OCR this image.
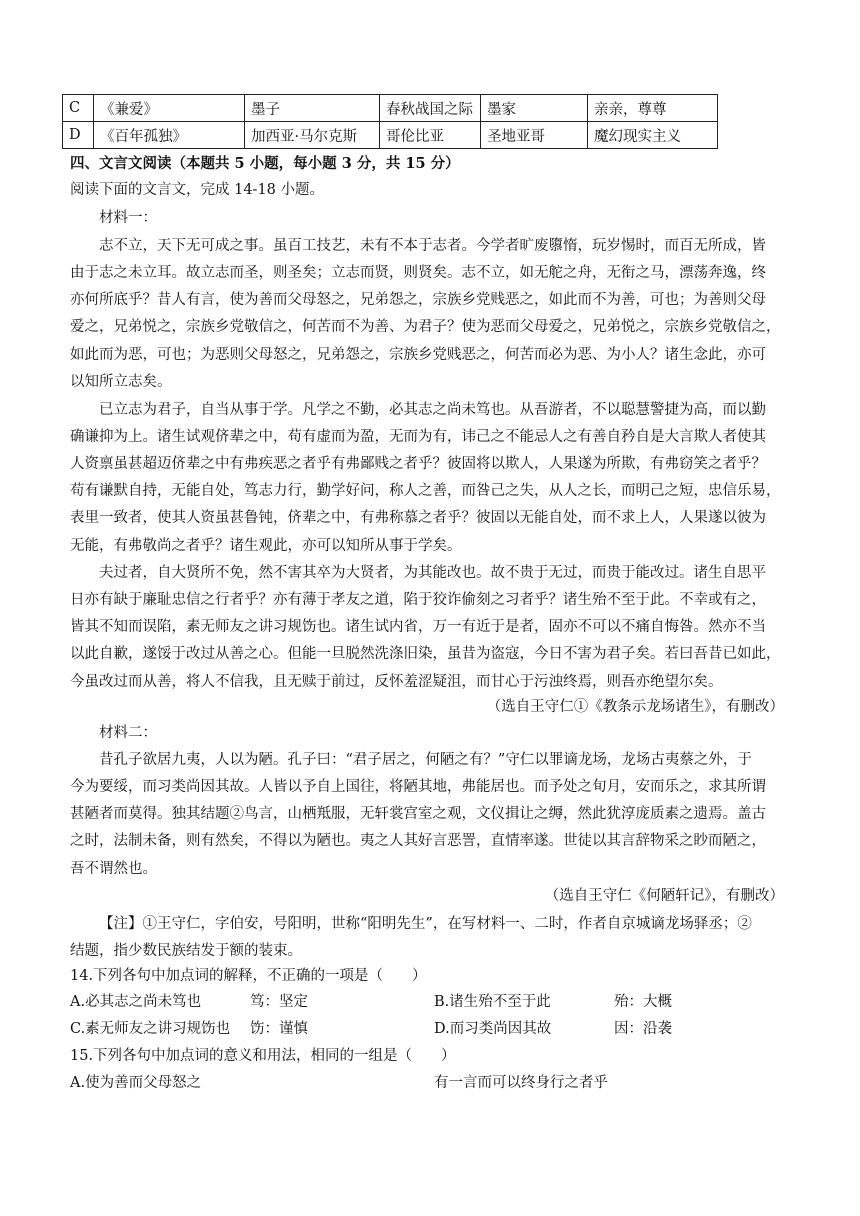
C	《兼爱》	墨子	春秋战国之际	墨家	亲亲，尊尊
D	《百年孤独》	加西亚·马尔克斯	哥伦比亚	圣地亚哥	魔幻现实主义
四、文言文阅读（本题共 5 小题，每小题 3 分，共 15 分）
阅读下面的文言文，完成 14-18 小题。
材料一：
志不立，天下无可成之事。虽百工技艺，未有不本于志者。今学者旷废隳惰，玩岁惕时，而百无所成，皆
由于志之未立耳。故立志而圣，则圣矣；立志而贤，则贤矣。志不立，如无舵之舟，无衔之马，漂荡奔逸，终
亦何所底乎？昔人有言，使为善而父母怒之，兄弟怨之，宗族乡党贱恶之，如此而不为善，可也；为善则父母
爱之，兄弟悦之，宗族乡党敬信之，何苦而不为善、为君子？使为恶而父母爱之，兄弟悦之，宗族乡党敬信之，
如此而为恶，可也；为恶则父母怒之，兄弟怨之，宗族乡党贱恶之，何苦而必为恶、为小人？诸生念此，亦可
以知所立志矣。
已立志为君子，自当从事于学。凡学之不勤，必其志之尚未笃也。从吾游者，不以聪慧警捷为高，而以勤
确谦抑为上。诸生试观侪辈之中，苟有虚而为盈，无而为有，讳己之不能忌人之有善自矜自是大言欺人者使其
人资禀虽甚超迈侪辈之中有弗疾恶之者乎有弗鄙贱之者乎？彼固将以欺人，人果遂为所欺，有弗窃笑之者乎？
苟有谦默自持，无能自处，笃志力行，勤学好问，称人之善，而咎己之失，从人之长，而明己之短，忠信乐易，
表里一致者，使其人资虽甚鲁钝，侪辈之中，有弗称慕之者乎？彼固以无能自处，而不求上人，人果遂以彼为
无能，有弗敬尚之者乎？诸生观此，亦可以知所从事于学矣。
夫过者，自大贤所不免，然不害其卒为大贤者，为其能改也。故不贵于无过，而贵于能改过。诸生自思平
日亦有缺于廉耻忠信之行者乎？亦有薄于孝友之道，陷于狡诈偷刻之习者乎？诸生殆不至于此。不幸或有之，
皆其不知而误陷，素无师友之讲习规饬也。诸生试内省，万一有近于是者，固亦不可以不痛自悔咎。然亦不当
以此自歉，遂馁于改过从善之心。但能一旦脱然洗涤旧染，虽昔为盗寇，今日不害为君子矣。若曰吾昔已如此，
今虽改过而从善，将人不信我，且无赎于前过，反怀羞涩疑沮，而甘心于污浊终焉，则吾亦绝望尔矣。
（选自王守仁①《教条示龙场诸生》，有删改）
材料二：
昔孔子欲居九夷，人以为陋。孔子曰：“君子居之，何陋之有？”守仁以罪谪龙场，龙场古夷蔡之外，于
今为要绥，而习类尚因其故。人皆以予自上国往，将陋其地，弗能居也。而予处之旬月，安而乐之，求其所谓
甚陋者而莫得。独其结题②鸟言，山栖羝服，无轩裳宫室之观，文仪揖让之缛，然此犹淳庞质素之遗焉。盖古
之时，法制未备，则有然矣，不得以为陋也。夷之人其好言恶詈，直情率遂。世徒以其言辞物采之眇而陋之，
吾不谓然也。
（选自王守仁《何陋轩记》，有删改）
【注】①王守仁，字伯安，号阳明，世称“阳明先生”，在写材料一、二时，作者自京城谪龙场驿丞；②
结题，指少数民族结发于额的装束。
14.下列各句中加点词的解释，不正确的一项是（　　）
A.必其志之尚未笃也	笃：坚定	B.诸生殆不至于此	殆：大概
C.素无师友之讲习规饬也 饬：谨慎	D.而习类尚因其故	因：沿袭
15.下列各句中加点词的意义和用法，相同的一组是（　　）
A.使为善而父母怒之	有一言而可以终身行之者乎
